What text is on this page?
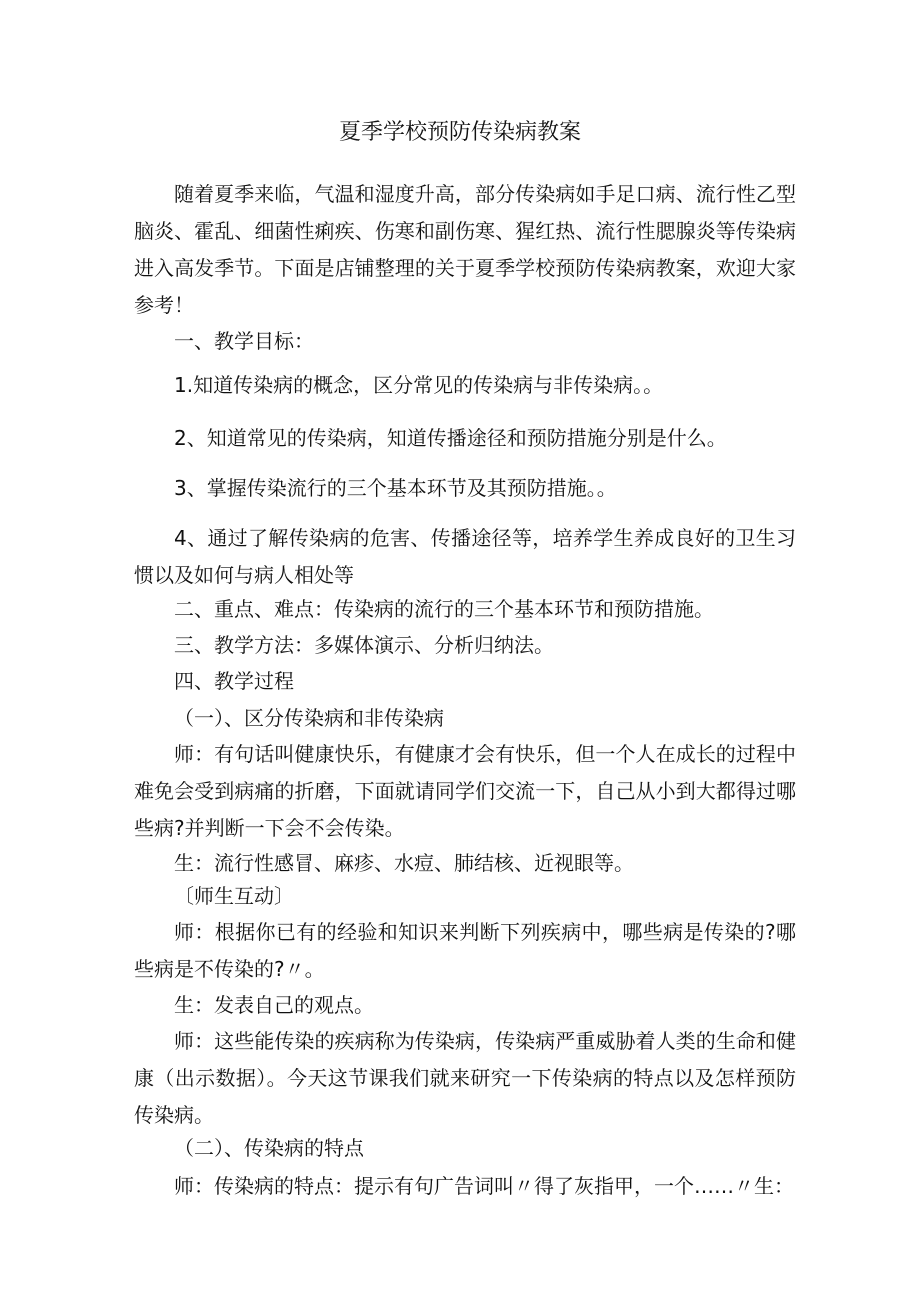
夏季学校预防传染病教案

随着夏季来临，气温和湿度升高，部分传染病如手足口病、流行性乙型脑炎、霍乱、细菌性痢疾、伤寒和副伤寒、猩红热、流行性腮腺炎等传染病进入高发季节。下面是店铺整理的关于夏季学校预防传染病教案，欢迎大家参考！

一、教学目标：

1.知道传染病的概念，区分常见的传染病与非传染病。。

2、知道常见的传染病，知道传播途径和预防措施分别是什么。

3、掌握传染流行的三个基本环节及其预防措施。。

4、通过了解传染病的危害、传播途径等，培养学生养成良好的卫生习惯以及如何与病人相处等

二、重点、难点：传染病的流行的三个基本环节和预防措施。

三、教学方法：多媒体演示、分析归纳法。

四、教学过程

（一）、区分传染病和非传染病

师：有句话叫健康快乐，有健康才会有快乐，但一个人在成长的过程中难免会受到病痛的折磨，下面就请同学们交流一下，自己从小到大都得过哪些病?并判断一下会不会传染。

生：流行性感冒、麻疹、水痘、肺结核、近视眼等。

〔师生互动〕

师：根据你已有的经验和知识来判断下列疾病中，哪些病是传染的?哪些病是不传染的?〃。

生：发表自己的观点。

师：这些能传染的疾病称为传染病，传染病严重威胁着人类的生命和健康（出示数据）。今天这节课我们就来研究一下传染病的特点以及怎样预防传染病。

（二）、传染病的特点

师：传染病的特点：提示有句广告词叫〃得了灰指甲，一个……〃生：
